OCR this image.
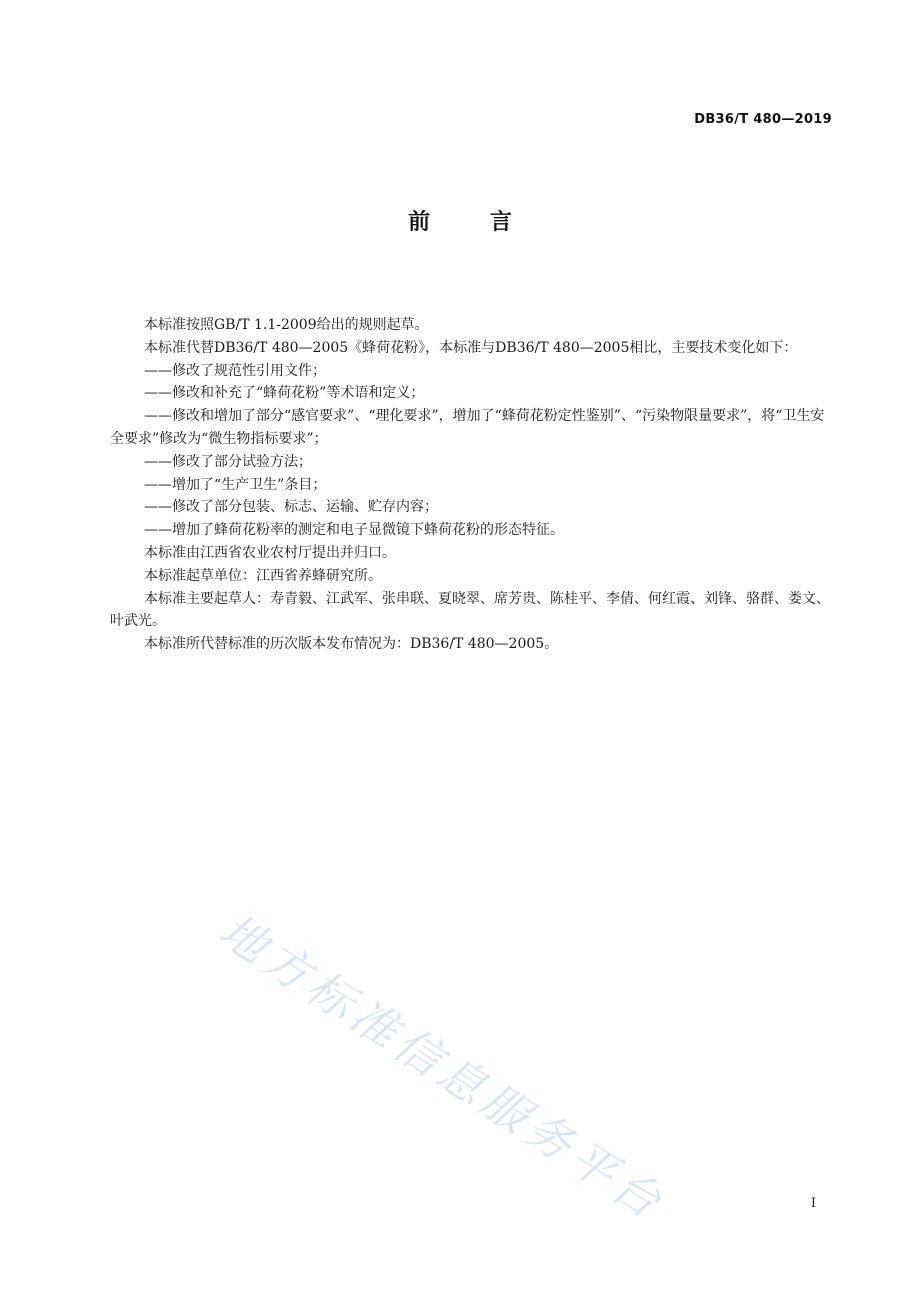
DB36/T 480—2019
前 言

本标准按照GB/T 1.1-2009给出的规则起草。

本标准代替DB36/T 480—2005《蜂荷花粉》，本标准与DB36/T 480—2005相比，主要技术变化如下：

——修改了规范性引用文件；

——修改和补充了“蜂荷花粉”等术语和定义；

——修改和增加了部分“感官要求”、“理化要求”，增加了“蜂荷花粉定性鉴别”、“污染物限量要求”，将“卫生安全要求”修改为“微生物指标要求”；

——修改了部分试验方法；

——增加了“生产卫生”条目；

——修改了部分包装、标志、运输、贮存内容；

——增加了蜂荷花粉率的测定和电子显微镜下蜂荷花粉的形态特征。

本标准由江西省农业农村厅提出并归口。

本标准起草单位：江西省养蜂研究所。

本标准主要起草人：寿青毅、江武军、张串联、夏晓翠、席芳贵、陈桂平、李倩、何红霞、刘锋、骆群、娄文、叶武光。

本标准所代替标准的历次版本发布情况为：DB36/T 480—2005。

地方标准信息服务平台	I
